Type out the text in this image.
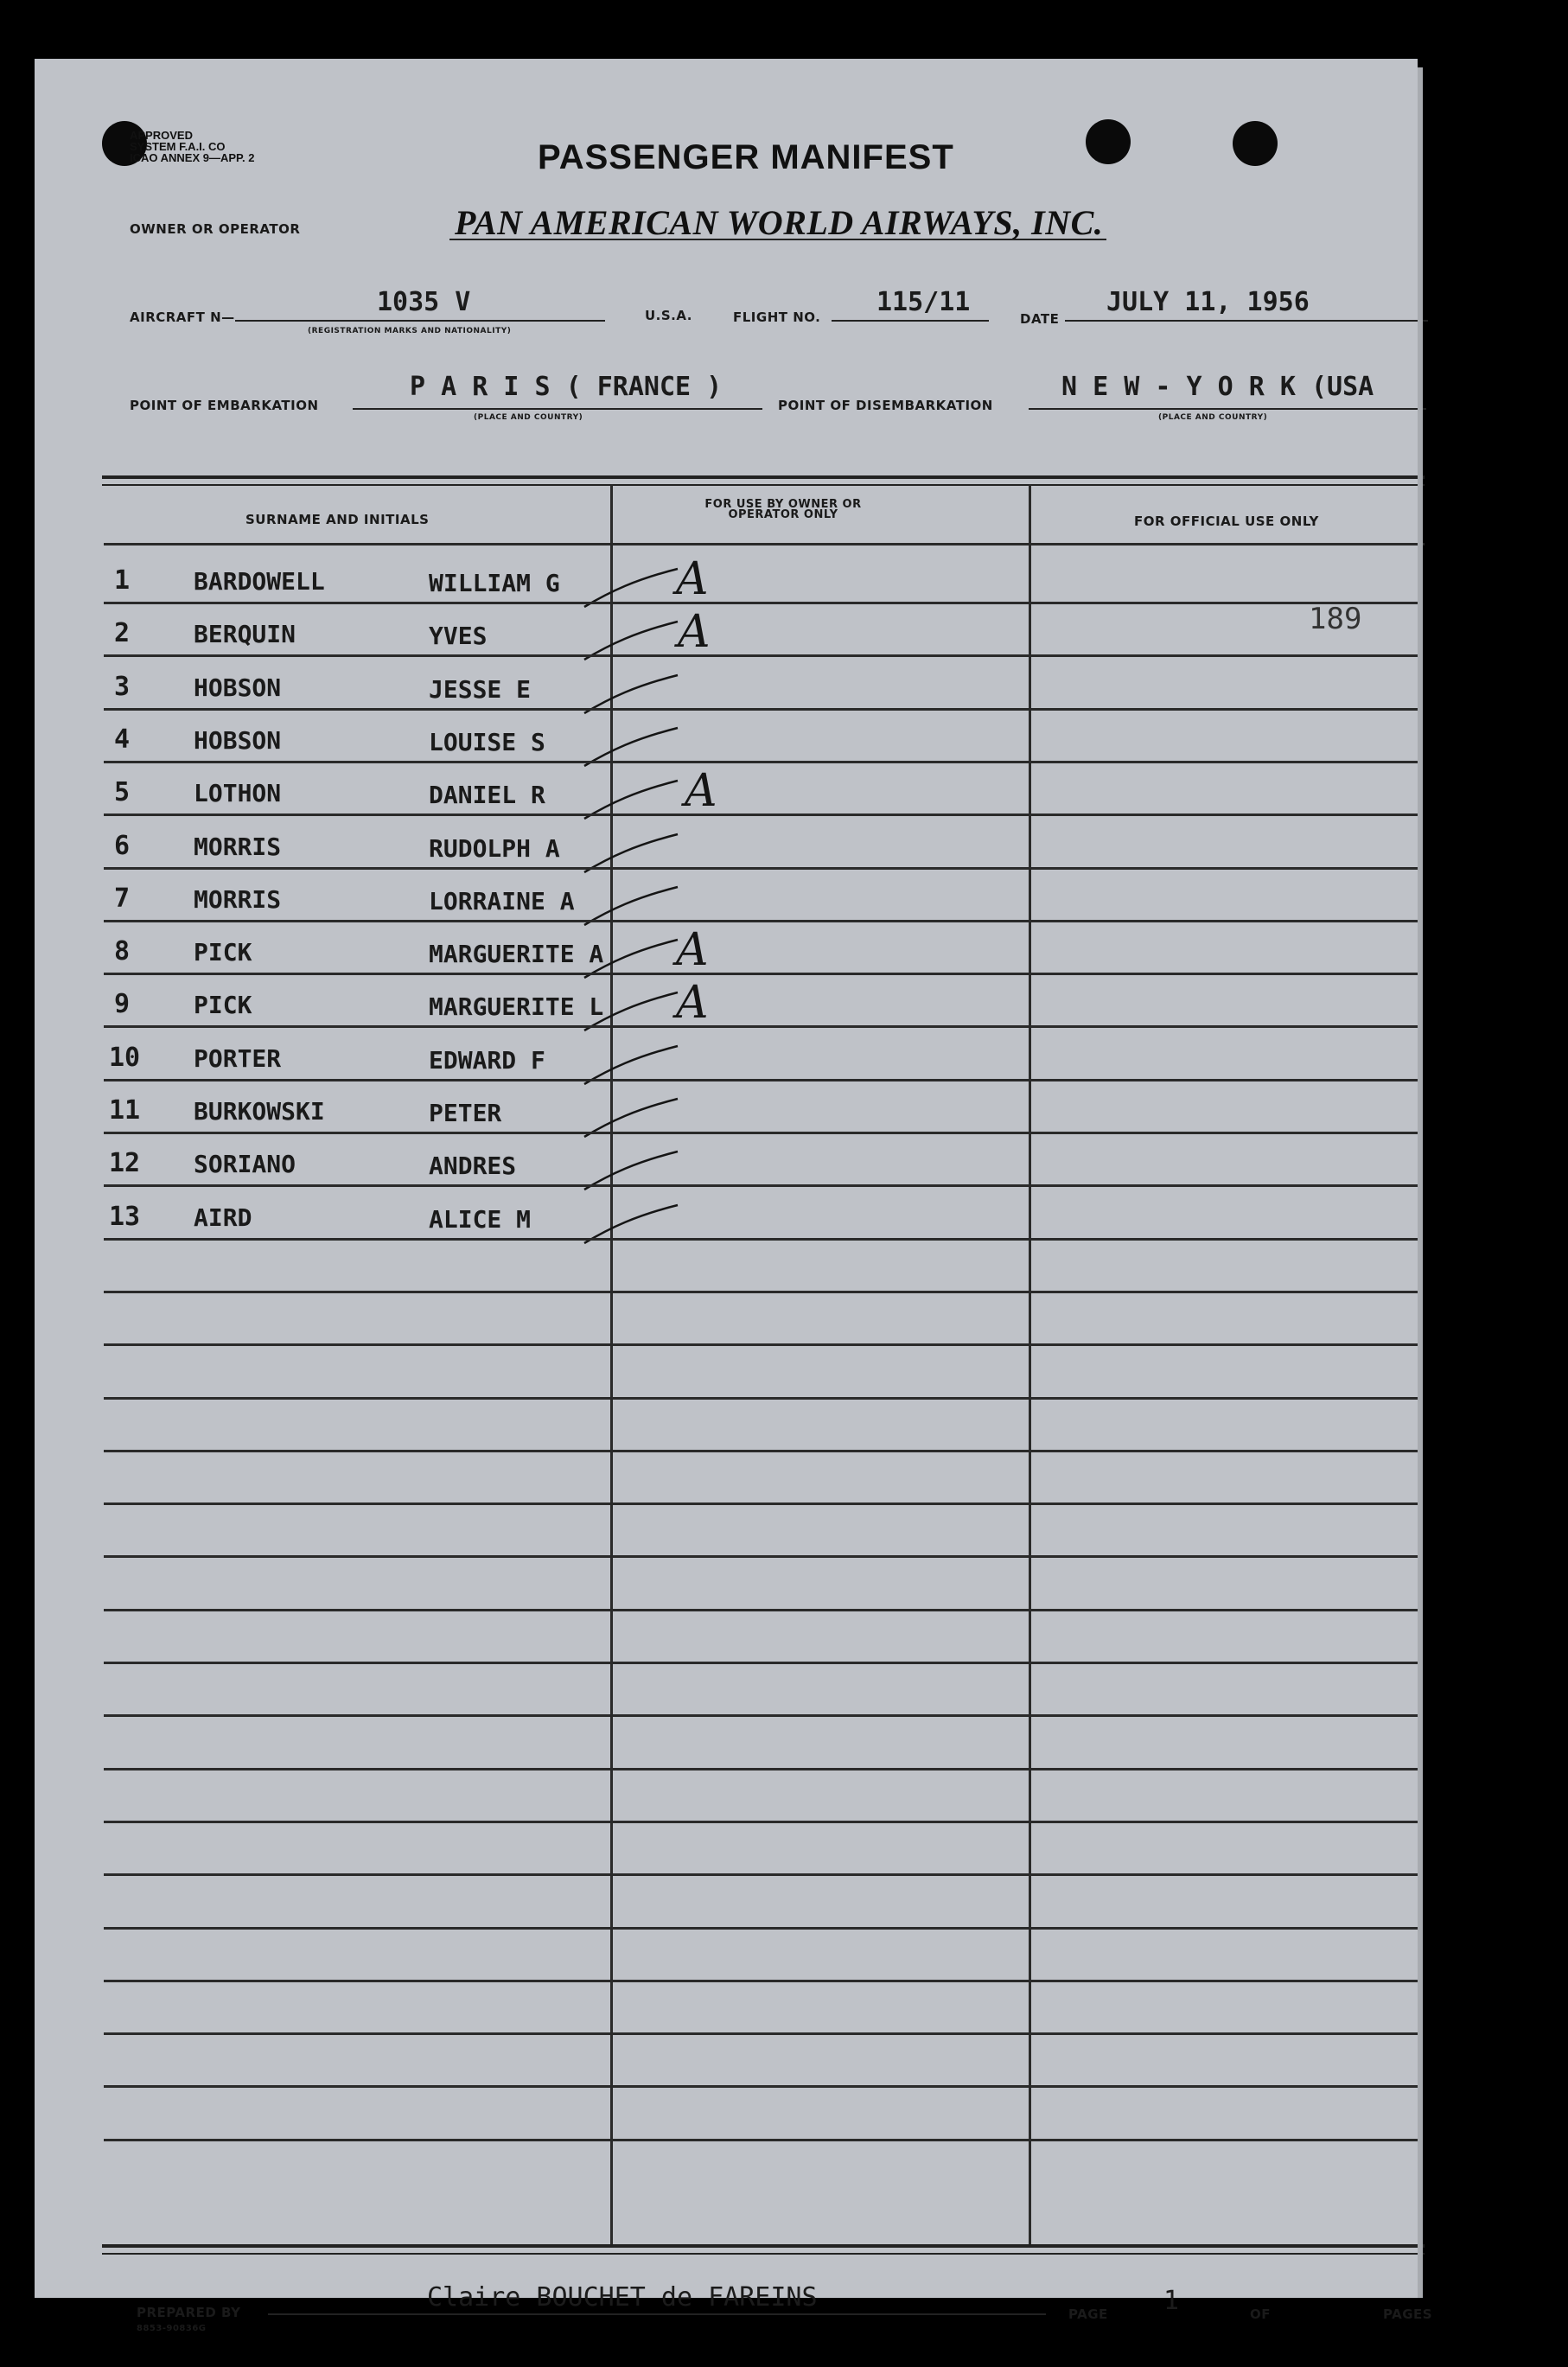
APPROVED
SYSTEM F.A.I. CO
ICAO ANNEX 9—APP. 2	PASSENGER MANIFEST
OWNER OR OPERATOR	PAN AMERICAN WORLD AIRWAYS, INC.
AIRCRAFT N—	1035 V
(REGISTRATION MARKS AND NATIONALITY)
U.S.A.	FLIGHT NO. 115/11
DATE
JULY 11, 1956
POINT OF EMBARKATION
P A R I S ( FRANCE )
(PLACE AND COUNTRY)
POINT OF DISEMBARKATION
N E W - Y O R K (USA
(PLACE AND COUNTRY)
SURNAME AND INITIALS
FOR USE BY OWNER OR OPERATOR ONLY	FOR OFFICIAL USE ONLY
189
1	BARDOWELL	WILLIAM G	A
2	BERQUIN	YVES	A
3	HOBSON	JESSE E
4	HOBSON	LOUISE S
5	LOTHON	DANIEL R	A
6	MORRIS	RUDOLPH A
7	MORRIS	LORRAINE A
8	PICK	MARGUERITE A A
9	PICK	MARGUERITE L A
10 PORTER	EDWARD F
11 BURKOWSKI	PETER
12 SORIANO	ANDRES
13 AIRD	ALICE M
PREPARED BY	Claire BOUCHET de FAREINS
PAGE 1	OF	PAGES
8853-90836G
